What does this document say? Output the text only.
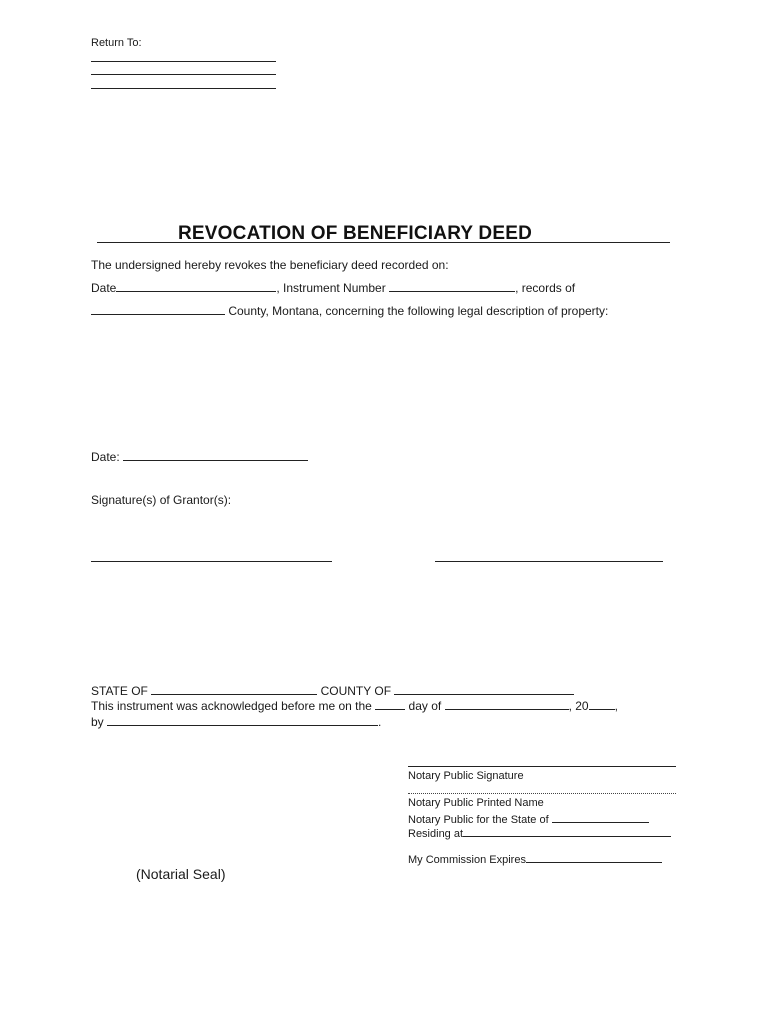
Return To:
REVOCATION OF BENEFICIARY DEED
The undersigned hereby revokes the beneficiary deed recorded on:
Date	, Instrument Number	, records of
County, Montana, concerning the following legal description of property:
Date:
Signature(s) of Grantor(s):
STATE OF	COUNTY OF
This instrument was acknowledged before me on the	day of	, 20 ,
by	.
Notary Public Signature
Notary Public Printed Name
Notary Public for the State of
Residing at
My Commission Expires
(Notarial Seal)
